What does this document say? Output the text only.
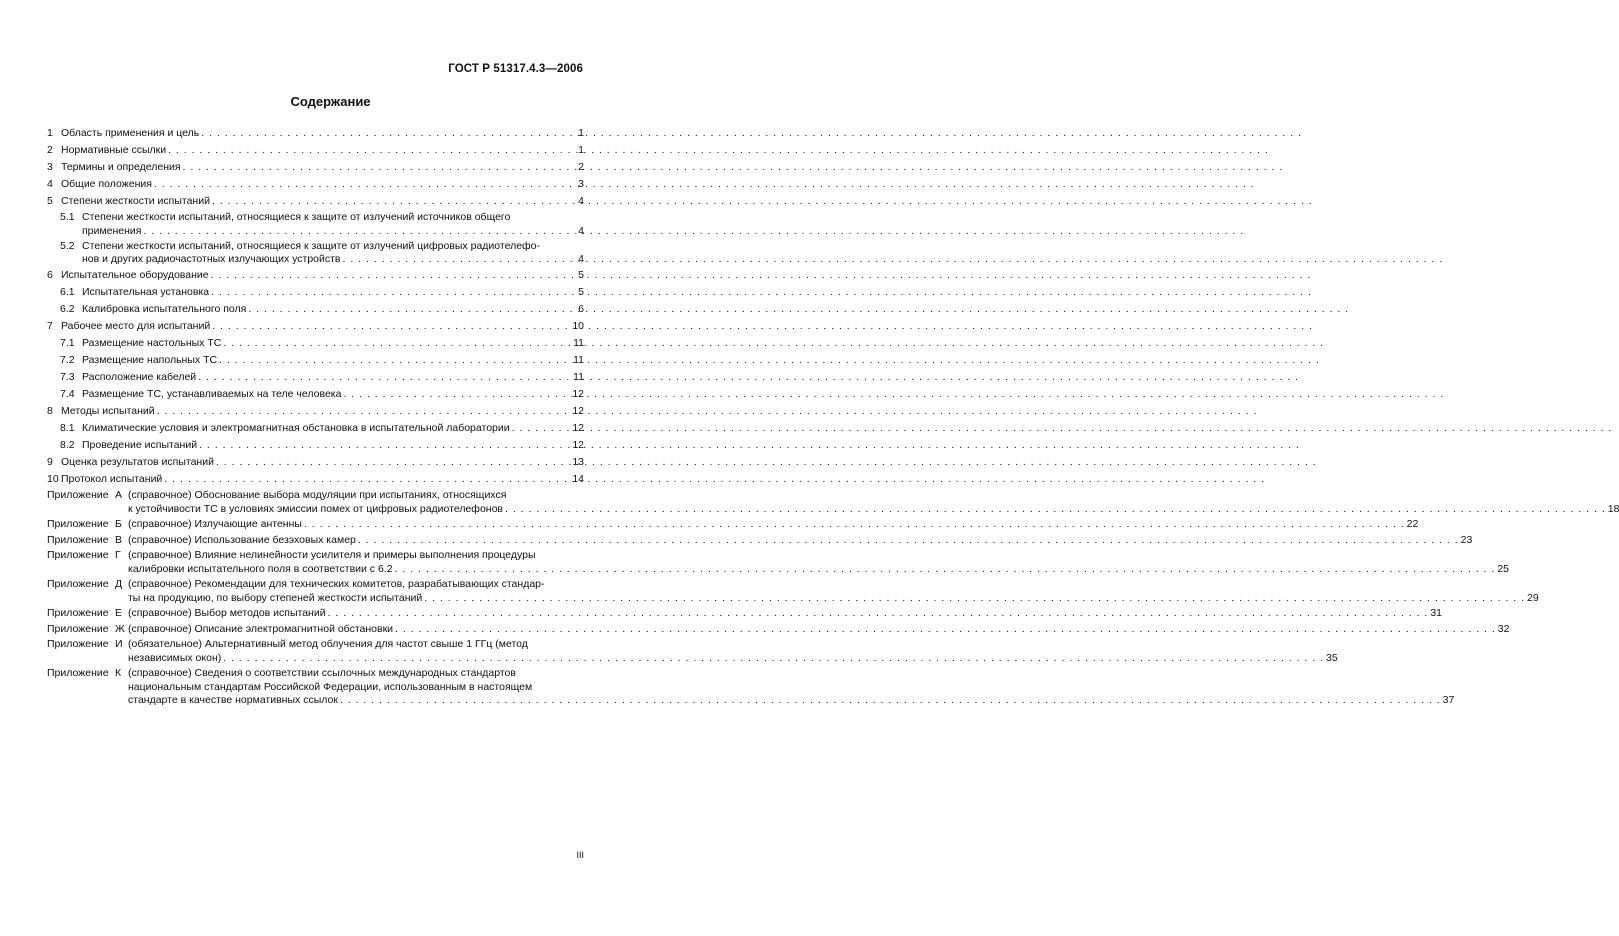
ГОСТ Р 51317.4.3—2006
Содержание
1 Область применения и цель . . .	1
2 Нормативные ссылки . . .	1
3 Термины и определения . . .	2
4 Общие положения . . .	3
5 Степени жесткости испытаний . . .	4
5.1 Степени жесткости испытаний, относящиеся к защите от излучений источников общего
применения . . .	4
5.2 Степени жесткости испытаний, относящиеся к защите от излучений цифровых радиотелефо-
нов и других радиочастотных излучающих устройств . . .	4
6 Испытательное оборудование . . .	5
6.1 Испытательная установка . . .	5
6.2 Калибровка испытательного поля . . .	6
7 Рабочее место для испытаний . . .	10
7.1 Размещение настольных ТС . . .	11
7.2 Размещение напольных ТС . . .	11
7.3 Расположение кабелей . . .	11
7.4 Размещение ТС, устанавливаемых на теле человека . . .	12
8 Методы испытаний . . .	12
8.1 Климатические условия и электромагнитная обстановка в испытательной лаборатории . . .	12
8.2 Проведение испытаний . . .	12
9 Оценка результатов испытаний . . .	13
10 Протокол испытаний . . .	14
Приложение А (справочное) Обоснование выбора модуляции при испытаниях, относящихся
к устойчивости ТС в условиях эмиссии помех от цифровых радиотелефонов . . .	18
Приложение Б (справочное) Излучающие антенны . . .	22
Приложение В (справочное) Использование безэховых камер . . .	23
Приложение Г (справочное) Влияние нелинейности усилителя и примеры выполнения процедуры
калибровки испытательного поля в соответствии с 6.2 . . .	25
Приложение Д (справочное) Рекомендации для технических комитетов, разрабатывающих стандар-
ты на продукцию, по выбору степеней жесткости испытаний . . .	29
Приложение Е (справочное) Выбор методов испытаний . . .	31
Приложение Ж (справочное) Описание электромагнитной обстановки . . .	32
Приложение И (обязательное) Альтернативный метод облучения для частот свыше 1 ГГц (метод
независимых окон) . . .	35
Приложение К (справочное) Сведения о соответствии ссылочных международных стандартов
национальным стандартам Российской Федерации, использованным в настоящем
стандарте в качестве нормативных ссылок . . .	37
III
